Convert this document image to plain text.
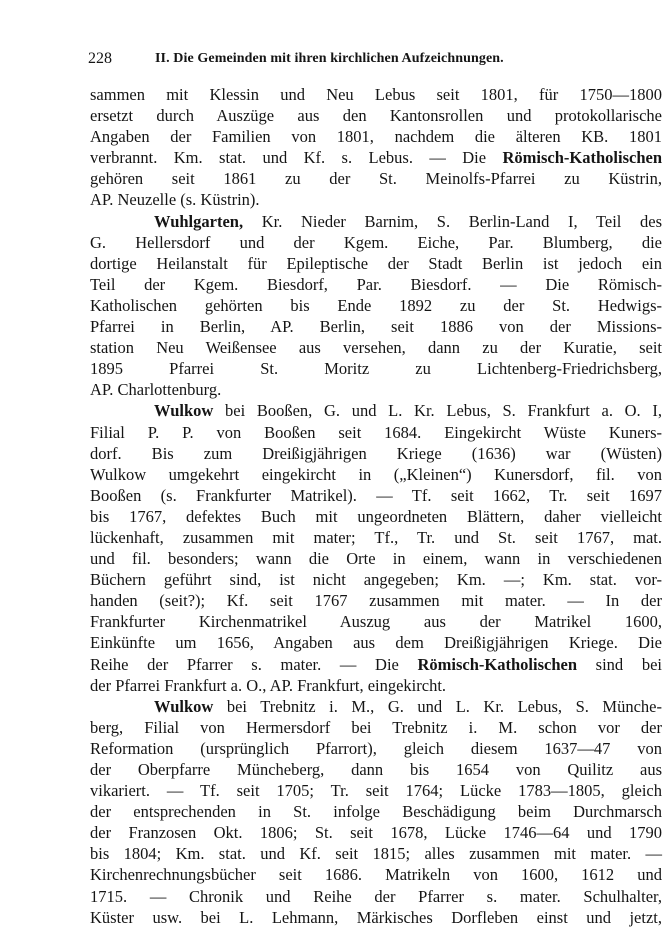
228	II. Die Gemeinden mit ihren kirchlichen Aufzeichnungen.
sammen mit Klessin und Neu Lebus seit 1801, für 1750—1800
ersetzt durch Auszüge aus den Kantonsrollen und protokollarische
Angaben der Familien von 1801, nachdem die älteren KB. 1801
verbrannt. Km. stat. und Kf. s. Lebus. — Die Römisch-Katholischen
gehören seit 1861 zu der St. Meinolfs-Pfarrei zu Küstrin,
AP. Neuzelle (s. Küstrin).
Wuhlgarten, Kr. Nieder Barnim, S. Berlin-Land I, Teil des
G. Hellersdorf und der Kgem. Eiche, Par. Blumberg, die
dortige Heilanstalt für Epileptische der Stadt Berlin ist jedoch ein
Teil der Kgem. Biesdorf, Par. Biesdorf. — Die Römisch-
Katholischen gehörten bis Ende 1892 zu der St. Hedwigs-
Pfarrei in Berlin, AP. Berlin, seit 1886 von der Missions-
station Neu Weißensee aus versehen, dann zu der Kuratie, seit
1895 Pfarrei St. Moritz zu Lichtenberg-Friedrichsberg,
AP. Charlottenburg.
Wulkow bei Booßen, G. und L. Kr. Lebus, S. Frankfurt a. O. I,
Filial P. P. von Booßen seit 1684. Eingekircht Wüste Kuners-
dorf. Bis zum Dreißigjährigen Kriege (1636) war (Wüsten)
Wulkow umgekehrt eingekircht in („Kleinen“) Kunersdorf, fil. von
Booßen (s. Frankfurter Matrikel). — Tf. seit 1662, Tr. seit 1697
bis 1767, defektes Buch mit ungeordneten Blättern, daher vielleicht
lückenhaft, zusammen mit mater; Tf., Tr. und St. seit 1767, mat.
und fil. besonders; wann die Orte in einem, wann in verschiedenen
Büchern geführt sind, ist nicht angegeben; Km. —; Km. stat. vor-
handen (seit?); Kf. seit 1767 zusammen mit mater. — In der
Frankfurter Kirchenmatrikel Auszug aus der Matrikel 1600,
Einkünfte um 1656, Angaben aus dem Dreißigjährigen Kriege. Die
Reihe der Pfarrer s. mater. — Die Römisch-Katholischen sind bei
der Pfarrei Frankfurt a. O., AP. Frankfurt, eingekircht.
Wulkow bei Trebnitz i. M., G. und L. Kr. Lebus, S. Münche-
berg, Filial von Hermersdorf bei Trebnitz i. M. schon vor der
Reformation (ursprünglich Pfarrort), gleich diesem 1637—47 von
der Oberpfarre Müncheberg, dann bis 1654 von Quilitz aus
vikariert. — Tf. seit 1705; Tr. seit 1764; Lücke 1783—1805, gleich
der entsprechenden in St. infolge Beschädigung beim Durchmarsch
der Franzosen Okt. 1806; St. seit 1678, Lücke 1746—64 und 1790
bis 1804; Km. stat. und Kf. seit 1815; alles zusammen mit mater. —
Kirchenrechnungsbücher seit 1686. Matrikeln von 1600, 1612 und
1715. — Chronik und Reihe der Pfarrer s. mater. Schulhalter,
Küster usw. bei L. Lehmann, Märkisches Dorfleben einst und jetzt,
